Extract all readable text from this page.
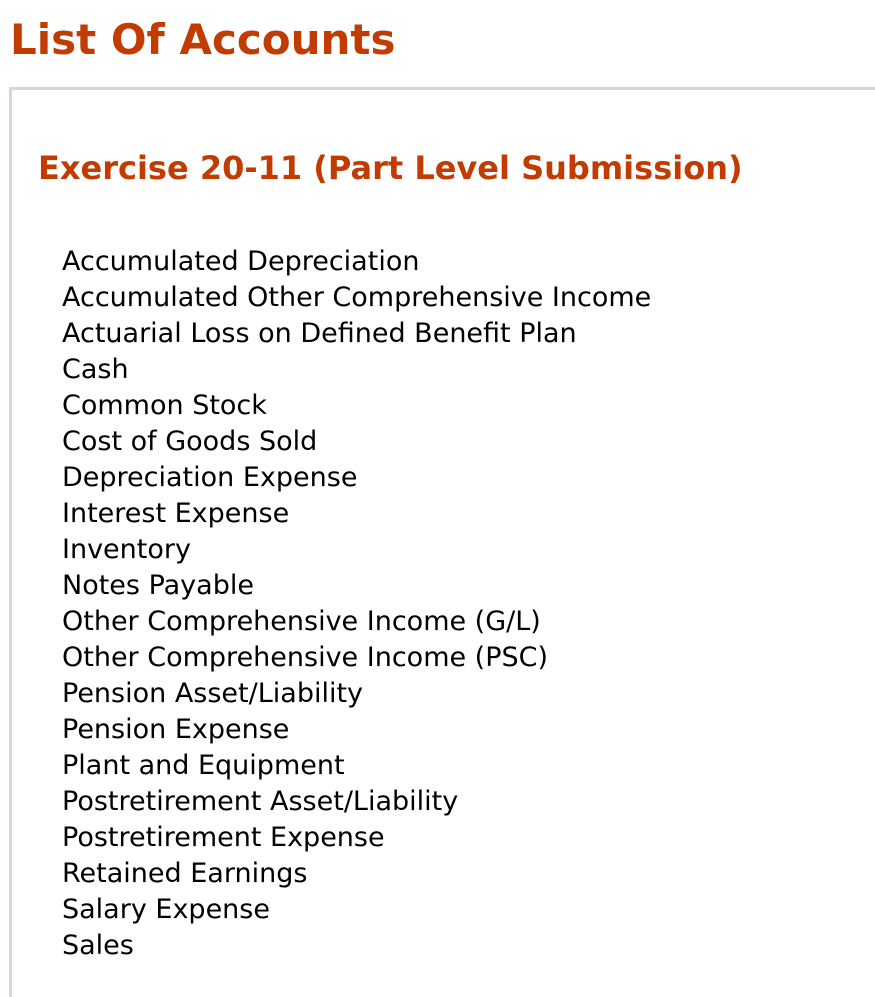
List Of Accounts
Exercise 20-11 (Part Level Submission)
Accumulated Depreciation
Accumulated Other Comprehensive Income
Actuarial Loss on Defined Benefit Plan
Cash
Common Stock
Cost of Goods Sold
Depreciation Expense
Interest Expense
Inventory
Notes Payable
Other Comprehensive Income (G/L)
Other Comprehensive Income (PSC)
Pension Asset/Liability
Pension Expense
Plant and Equipment
Postretirement Asset/Liability
Postretirement Expense
Retained Earnings
Salary Expense
Sales
